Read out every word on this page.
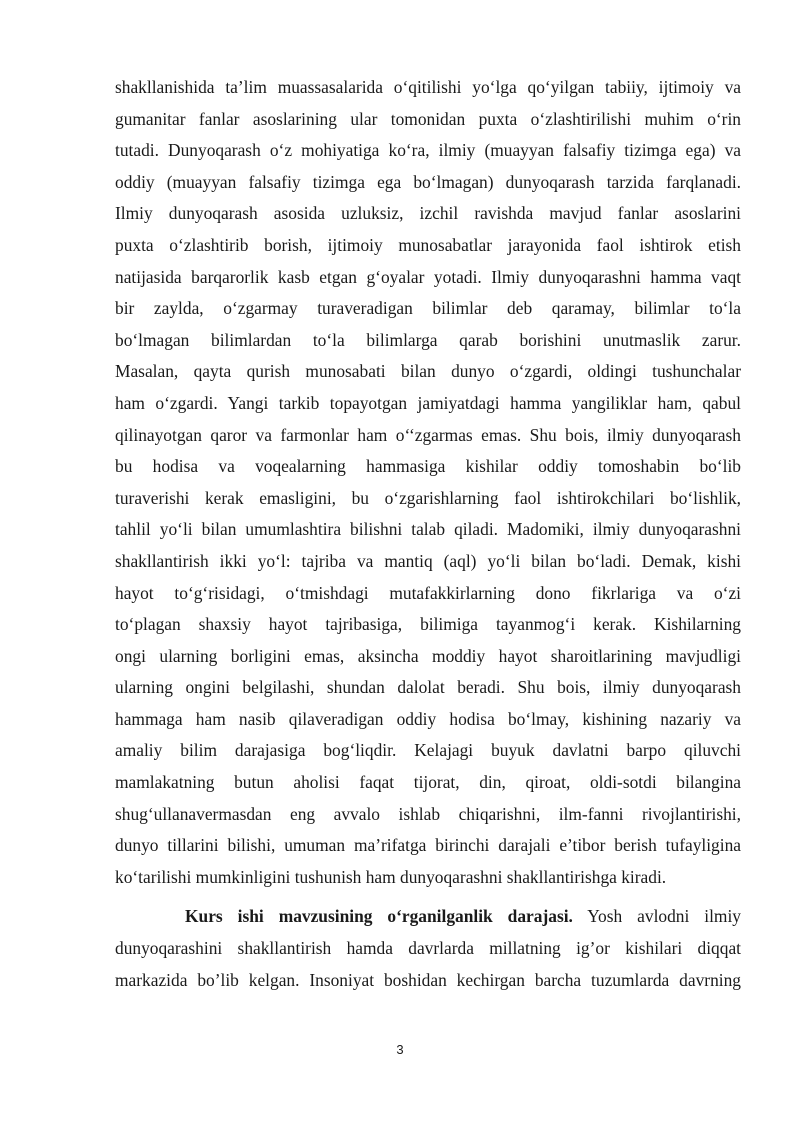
shakllanishida ta’lim muassasalarida o‘qitilishi yo‘lga qo‘yilgan tabiiy, ijtimoiy va
gumanitar fanlar asoslarining ular tomonidan puxta o‘zlashtirilishi muhim o‘rin
tutadi. Dunyoqarash o‘z mohiyatiga ko‘ra, ilmiy (muayyan falsafiy tizimga ega) va
oddiy (muayyan falsafiy tizimga ega bo‘lmagan) dunyoqarash tarzida farqlanadi.
Ilmiy dunyoqarash asosida uzluksiz, izchil ravishda mavjud fanlar asoslarini
puxta o‘zlashtirib borish, ijtimoiy munosabatlar jarayonida faol ishtirok etish
natijasida barqarorlik kasb etgan g‘oyalar yotadi. Ilmiy dunyoqarashni hamma vaqt
bir zaylda, o‘zgarmay turaveradigan bilimlar deb qaramay, bilimlar to‘la
bo‘lmagan bilimlardan to‘la bilimlarga qarab borishini unutmaslik zarur.
Masalan, qayta qurish munosabati bilan dunyo o‘zgardi, oldingi tushunchalar
ham o‘zgardi. Yangi tarkib topayotgan jamiyatdagi hamma yangiliklar ham, qabul
qilinayotgan qaror va farmonlar ham o‘‘zgarmas emas. Shu bois, ilmiy dunyoqarash
bu hodisa va voqealarning hammasiga kishilar oddiy tomoshabin bo‘lib
turaverishi kerak emasligini, bu o‘zgarishlarning faol ishtirokchilari bo‘lishlik,
tahlil yo‘li bilan umumlashtira bilishni talab qiladi. Madomiki, ilmiy dunyoqarashni
shakllantirish ikki yo‘l: tajriba va mantiq (aql) yo‘li bilan bo‘ladi. Demak, kishi
hayot to‘g‘risidagi, o‘tmishdagi mutafakkirlarning dono fikrlariga va o‘zi
to‘plagan shaxsiy hayot tajribasiga, bilimiga tayanmog‘i kerak. Kishilarning
ongi ularning borligini emas, aksincha moddiy hayot sharoitlarining mavjudligi
ularning ongini belgilashi, shundan dalolat beradi. Shu bois, ilmiy dunyoqarash
hammaga ham nasib qilaveradigan oddiy hodisa bo‘lmay, kishining nazariy va
amaliy bilim darajasiga bog‘liqdir. Kelajagi buyuk davlatni barpo qiluvchi
mamlakatning butun aholisi faqat tijorat, din, qiroat, oldi-sotdi bilangina
shug‘ullanavermasdan eng avvalo ishlab chiqarishni, ilm-fanni rivojlantirishi,
dunyo tillarini bilishi, umuman ma’rifatga birinchi darajali e’tibor berish tufayligina
ko‘tarilishi mumkinligini tushunish ham dunyoqarashni shakllantirishga kiradi.
Kurs ishi mavzusining o‘rganilganlik darajasi. Yosh avlodni ilmiy
dunyoqarashini shakllantirish hamda davrlarda millatning ig’or kishilari diqqat
markazida bo’lib kelgan. Insoniyat boshidan kechirgan barcha tuzumlarda davrning
3
